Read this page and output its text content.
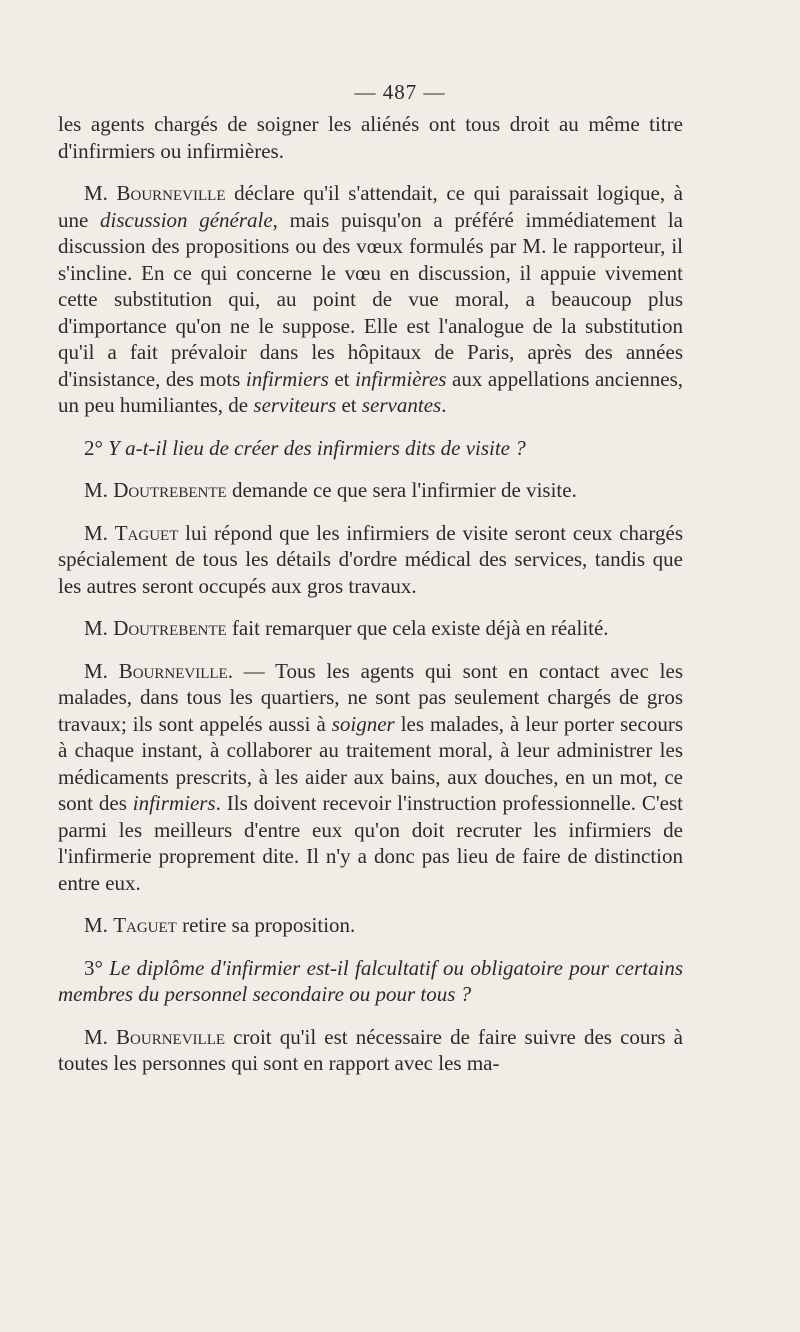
— 487 —

les agents chargés de soigner les aliénés ont tous droit au même titre d'infirmiers ou infirmières.

M. Bourneville déclare qu'il s'attendait, ce qui paraissait logique, à une discussion générale, mais puisqu'on a préféré immédiatement la discussion des propositions ou des vœux formulés par M. le rapporteur, il s'incline. En ce qui concerne le vœu en discussion, il appuie vivement cette substitution qui, au point de vue moral, a beaucoup plus d'importance qu'on ne le suppose. Elle est l'analogue de la substitution qu'il a fait prévaloir dans les hôpitaux de Paris, après des années d'insistance, des mots infirmiers et infirmières aux appellations anciennes, un peu humiliantes, de serviteurs et servantes.

2° Y a-t-il lieu de créer des infirmiers dits de visite ?

M. Doutrebente demande ce que sera l'infirmier de visite.

M. Taguet lui répond que les infirmiers de visite seront ceux chargés spécialement de tous les détails d'ordre médical des services, tandis que les autres seront occupés aux gros travaux.

M. Doutrebente fait remarquer que cela existe déjà en réalité.

M. Bourneville. — Tous les agents qui sont en contact avec les malades, dans tous les quartiers, ne sont pas seulement chargés de gros travaux; ils sont appelés aussi à soigner les malades, à leur porter secours à chaque instant, à collaborer au traitement moral, à leur administrer les médicaments prescrits, à les aider aux bains, aux douches, en un mot, ce sont des infirmiers. Ils doivent recevoir l'instruction professionnelle. C'est parmi les meilleurs d'entre eux qu'on doit recruter les infirmiers de l'infirmerie proprement dite. Il n'y a donc pas lieu de faire de distinction entre eux.

M. Taguet retire sa proposition.

3° Le diplôme d'infirmier est-il falcultatif ou obligatoire pour certains membres du personnel secondaire ou pour tous ?

M. Bourneville croit qu'il est nécessaire de faire suivre des cours à toutes les personnes qui sont en rapport avec les ma-
